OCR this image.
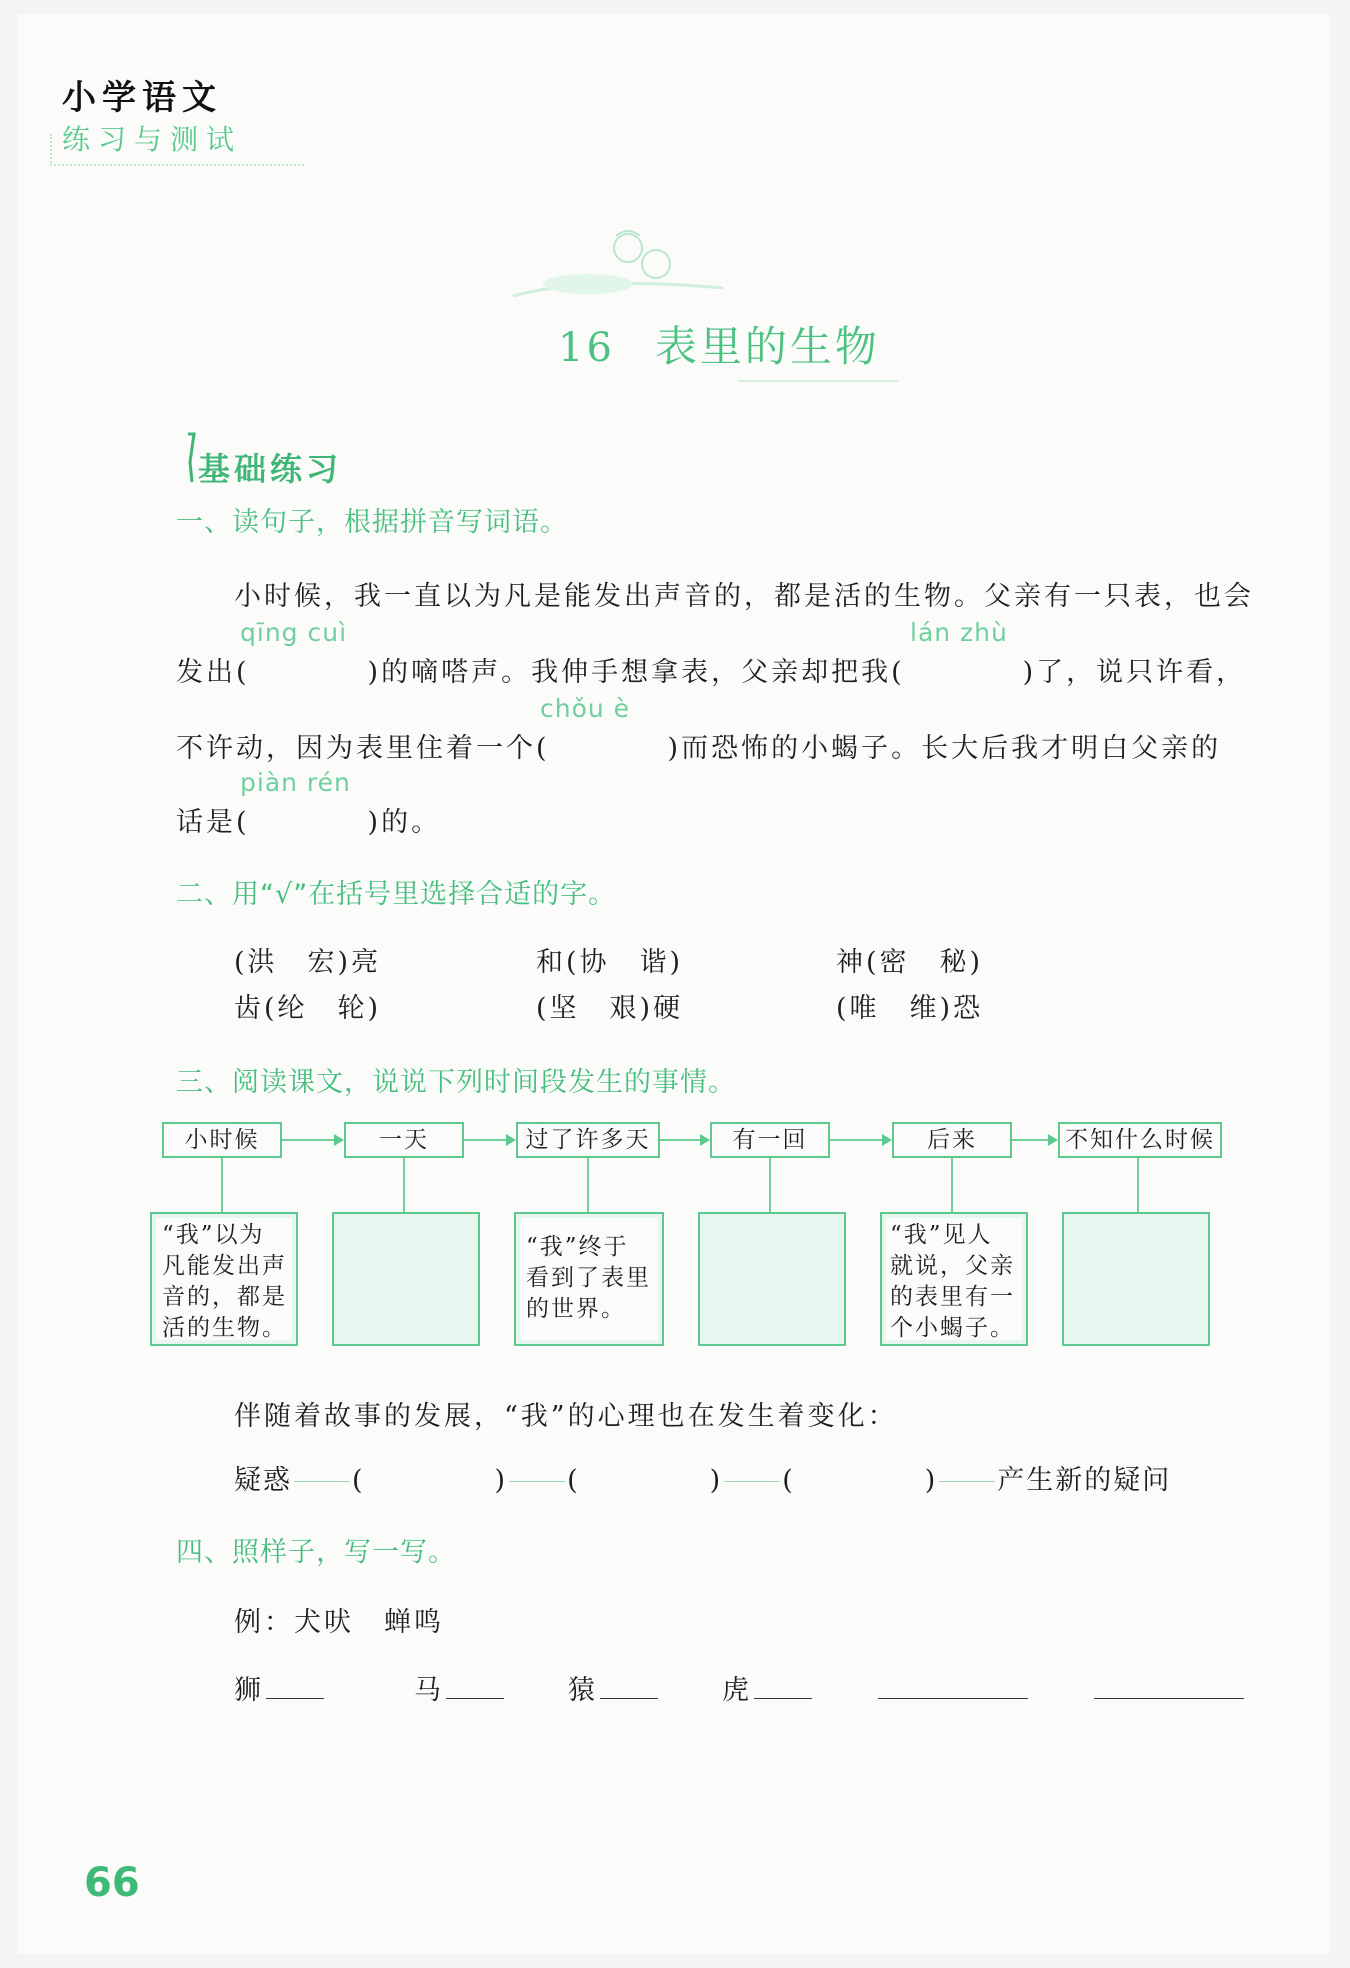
小学语文
练习与测试
16 表里的生物
基础练习
一、读句子，根据拼音写词语。
小时候，我一直以为凡是能发出声音的，都是活的生物。父亲有一只表，也会
qīng cuì	lán zhù
发出(	)的嘀嗒声。我伸手想拿表，父亲却把我(	)了，说只许看，
chǒu è
不许动，因为表里住着一个(	)而恐怖的小蝎子。长大后我才明白父亲的
piàn rén
话是(	)的。
二、用“√”在括号里选择合适的字。
(洪　宏)亮	和(协　谐)	神(密　秘)
齿(纶　轮)	(坚　艰)硬	(唯　维)恐
三、阅读课文，说说下列时间段发生的事情。
小时候	一天	过了许多天	有一回	后来	不知什么时候
“我”以为
凡能发出声
音的，都是
活的生物。
“我”终于
看到了表里
的世界。
“我”见人
就说，父亲
的表里有一
个小蝎子。
伴随着故事的发展，“我”的心理也在发生着变化：
疑惑 (	) (	) (	) 产生新的疑问
四、照样子，写一写。
例：犬吠　蝉鸣
狮	马	猿	虎
66
